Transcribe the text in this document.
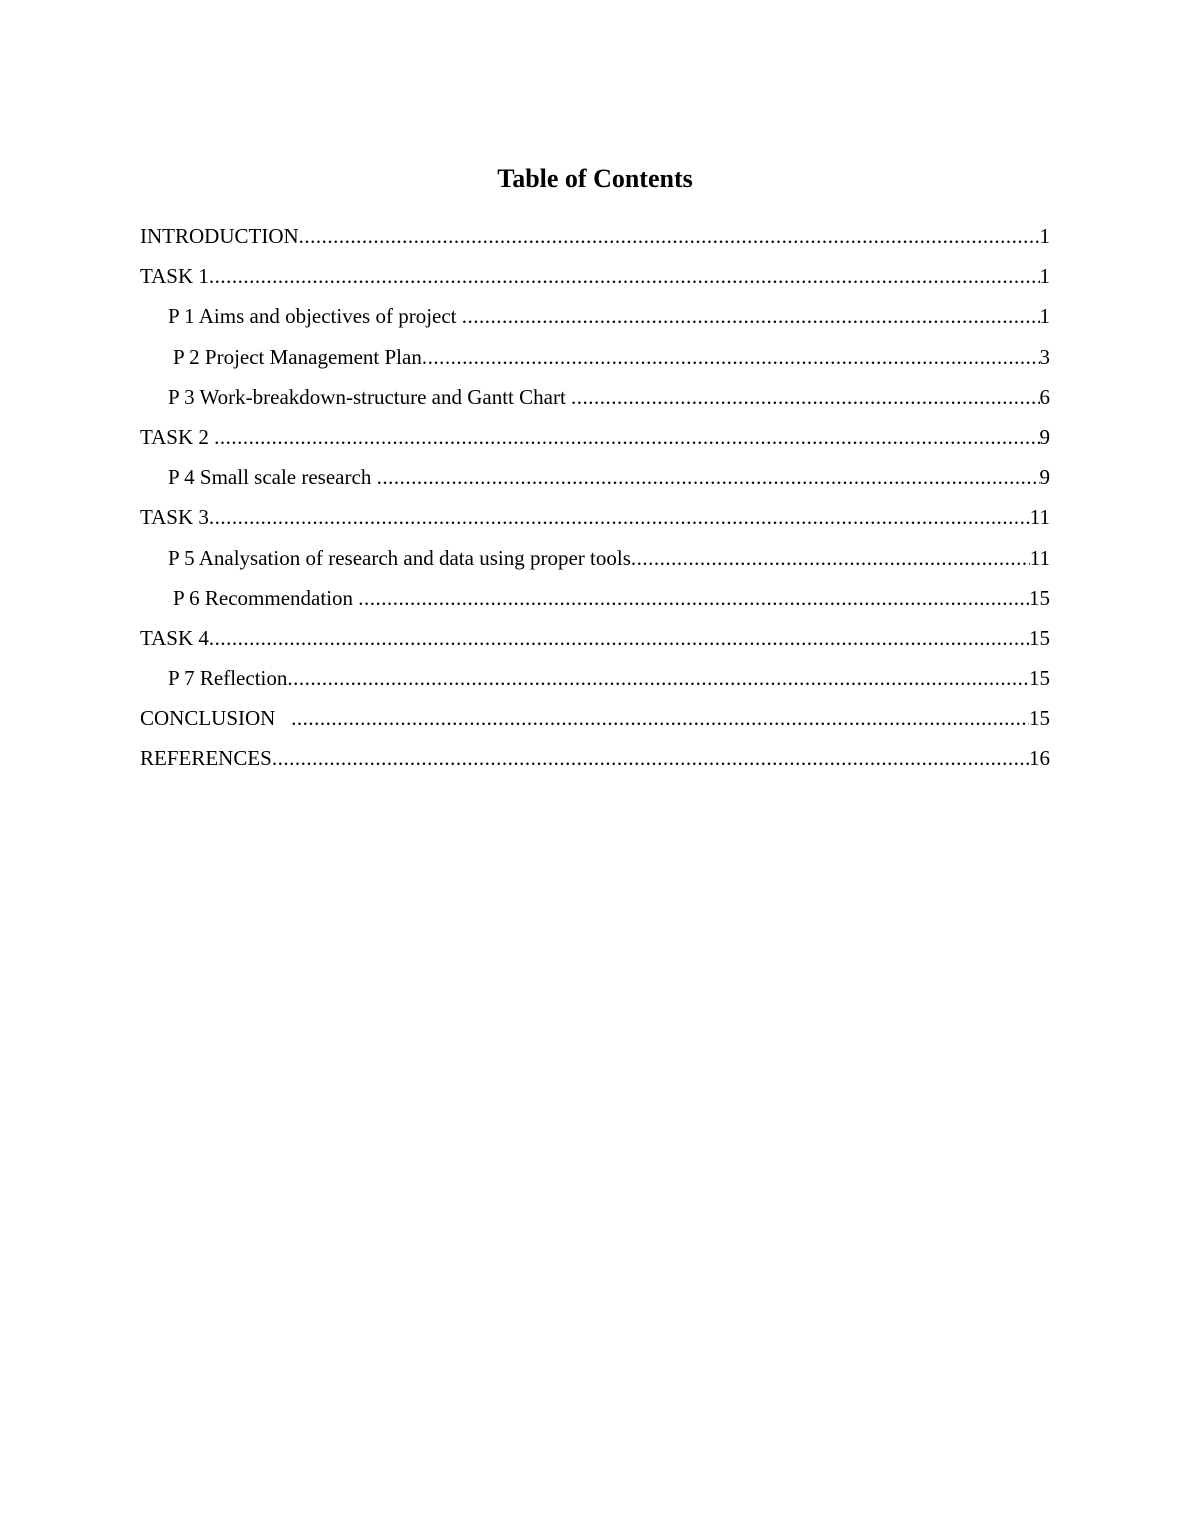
Table of Contents
INTRODUCTION .....	1
TASK 1 .....	1
P 1 Aims and objectives of project .....	1
P 2 Project Management Plan .....	3
P 3 Work-breakdown-structure and Gantt Chart .....	6
TASK 2 .....	9
P 4 Small scale research .....	9
TASK 3 .....	11
P 5 Analysation of research and data using proper tools .....	11
P 6 Recommendation .....	15
TASK 4 .....	15
P 7 Reflection .....	15
CONCLUSION .....	15
REFERENCES .....	16
